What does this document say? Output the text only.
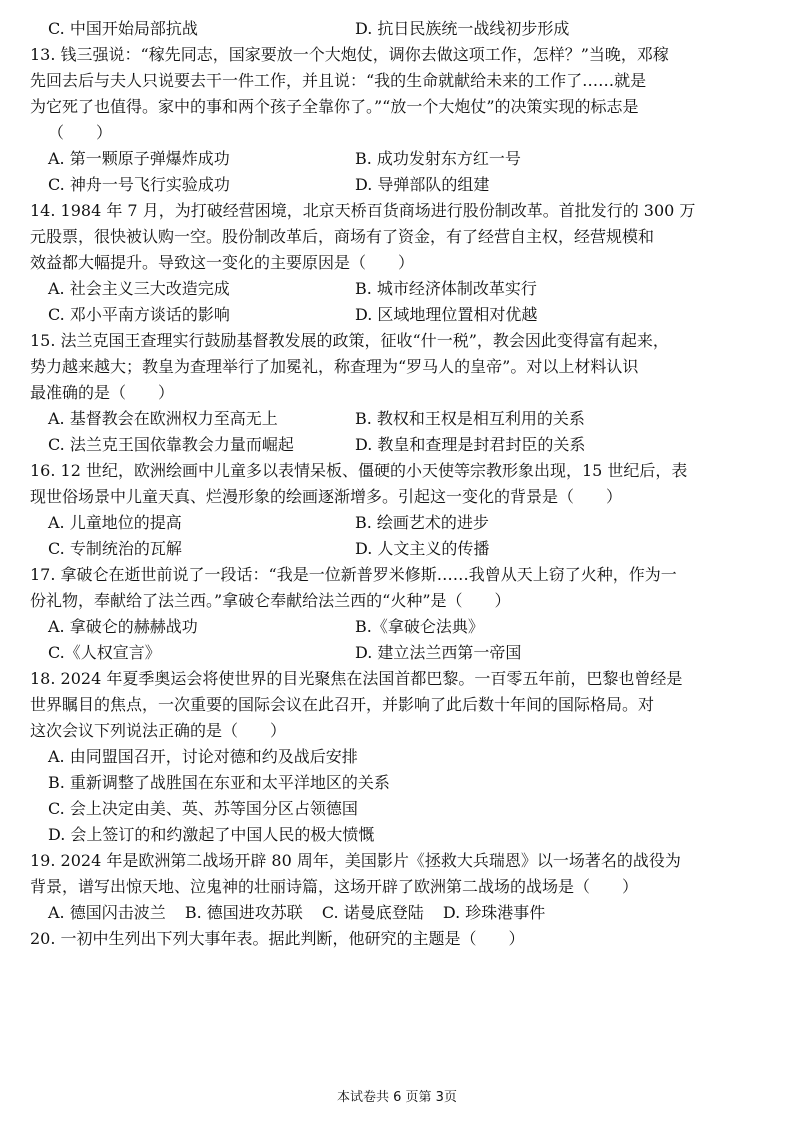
C. 中国开始局部抗战	D. 抗日民族统一战线初步形成
13. 钱三强说：“稼先同志，国家要放一个大炮仗，调你去做这项工作，怎样？”当晚，邓稼
先回去后与夫人只说要去干一件工作，并且说：“我的生命就献给未来的工作了……就是
为它死了也值得。家中的事和两个孩子全靠你了。”“放一个大炮仗”的决策实现的标志是
（　　）
A. 第一颗原子弹爆炸成功	B. 成功发射东方红一号
C. 神舟一号飞行实验成功	D. 导弹部队的组建
14. 1984 年 7 月，为打破经营困境，北京天桥百货商场进行股份制改革。首批发行的 300 万
元股票，很快被认购一空。股份制改革后，商场有了资金，有了经营自主权，经营规模和
效益都大幅提升。导致这一变化的主要原因是（　　）
A. 社会主义三大改造完成	B. 城市经济体制改革实行
C. 邓小平南方谈话的影响	D. 区域地理位置相对优越
15. 法兰克国王查理实行鼓励基督教发展的政策，征收“什一税”，教会因此变得富有起来，
势力越来越大；教皇为查理举行了加冕礼，称查理为“罗马人的皇帝”。对以上材料认识
最准确的是（　　）
A. 基督教会在欧洲权力至高无上	B. 教权和王权是相互利用的关系
C. 法兰克王国依靠教会力量而崛起	D. 教皇和查理是封君封臣的关系
16. 12 世纪，欧洲绘画中儿童多以表情呆板、僵硬的小天使等宗教形象出现，15 世纪后，表
现世俗场景中儿童天真、烂漫形象的绘画逐渐增多。引起这一变化的背景是（　　）
A. 儿童地位的提高	B. 绘画艺术的进步
C. 专制统治的瓦解	D. 人文主义的传播
17. 拿破仑在逝世前说了一段话：“我是一位新普罗米修斯……我曾从天上窃了火种，作为一
份礼物，奉献给了法兰西。”拿破仑奉献给法兰西的“火种”是（　　）
A. 拿破仑的赫赫战功	B.《拿破仑法典》
C.《人权宣言》	D. 建立法兰西第一帝国
18. 2024 年夏季奥运会将使世界的目光聚焦在法国首都巴黎。一百零五年前，巴黎也曾经是
世界瞩目的焦点，一次重要的国际会议在此召开，并影响了此后数十年间的国际格局。对
这次会议下列说法正确的是（　　）
A. 由同盟国召开，讨论对德和约及战后安排
B. 重新调整了战胜国在东亚和太平洋地区的关系
C. 会上决定由美、英、苏等国分区占领德国
D. 会上签订的和约激起了中国人民的极大愤慨
19. 2024 年是欧洲第二战场开辟 80 周年，美国影片《拯救大兵瑞恩》以一场著名的战役为
背景，谱写出惊天地、泣鬼神的壮丽诗篇，这场开辟了欧洲第二战场的战场是（　　）
A. 德国闪击波兰 B. 德国进攻苏联 C. 诺曼底登陆 D. 珍珠港事件
20. 一初中生列出下列大事年表。据此判断，他研究的主题是（　　）
本试卷共 6 页第 3页
